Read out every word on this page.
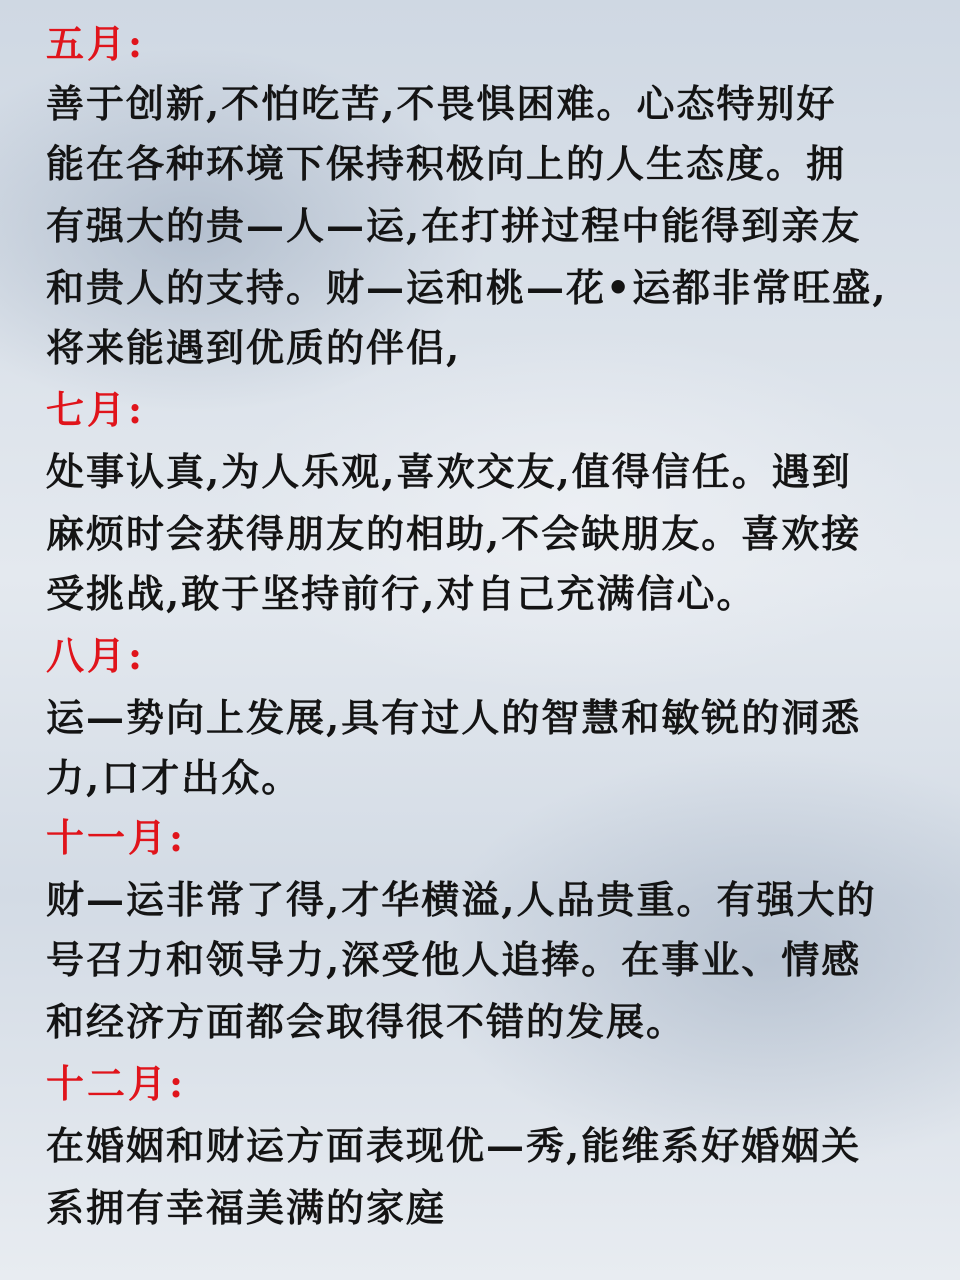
五月:
善于创新,不怕吃苦,不畏惧困难。心态特别好
能在各种环境下保持积极向上的人生态度。拥
有强大的贵—人—运,在打拼过程中能得到亲友
和贵人的支持。财—运和桃—花•运都非常旺盛,
将来能遇到优质的伴侣,
七月:
处事认真,为人乐观,喜欢交友,值得信任。遇到
麻烦时会获得朋友的相助,不会缺朋友。喜欢接
受挑战,敢于坚持前行,对自己充满信心。
八月:
运—势向上发展,具有过人的智慧和敏锐的洞悉
力,口才出众。
十一月:
财—运非常了得,才华横溢,人品贵重。有强大的
号召力和领导力,深受他人追捧。在事业、情感
和经济方面都会取得很不错的发展。
十二月:
在婚姻和财运方面表现优—秀,能维系好婚姻关
系拥有幸福美满的家庭
